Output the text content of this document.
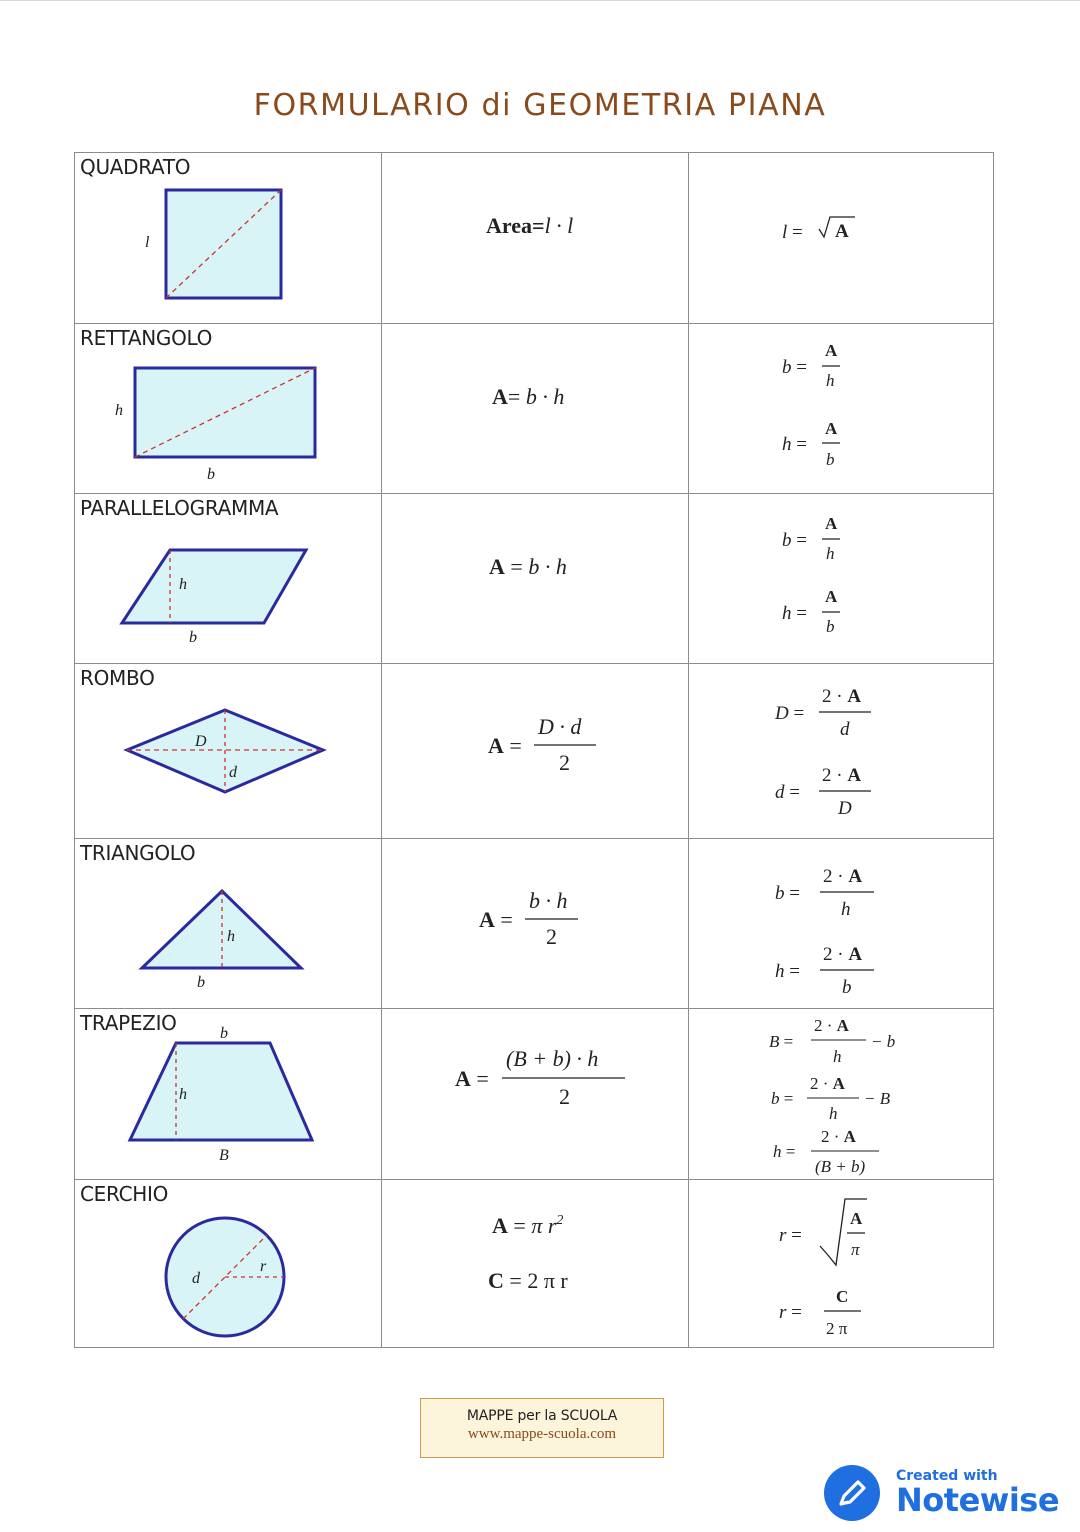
FORMULARIO di GEOMETRIA PIANA
QUADRATO
l
Area=l · l	l = A
RETTANGOLO
h
b
A= b · h
b =
A
h
h =
A
b
PARALLELOGRAMMA
h
b
A = b · h
b =
A
h
h =
A
b
ROMBO
D
d
A =
D · d
2
D =
2 · A
d
d =
2 · A
D
TRIANGOLO
h
b
A =
b · h
2
b =
2 · A
h
h =
2 · A
b
TRAPEZIO	b
h
B
A =
(B + b) · h
2
B =
2 · A
h
− b
b =
2 · A
h
− B
h =
2 · A
(B + b)
CERCHIO
d
r
A = π $r^2$
C = 2 π r
r =
A
π
r =
C
2 π
MAPPE per la SCUOLA
www.mappe-scuola.com
Created with
Notewise
